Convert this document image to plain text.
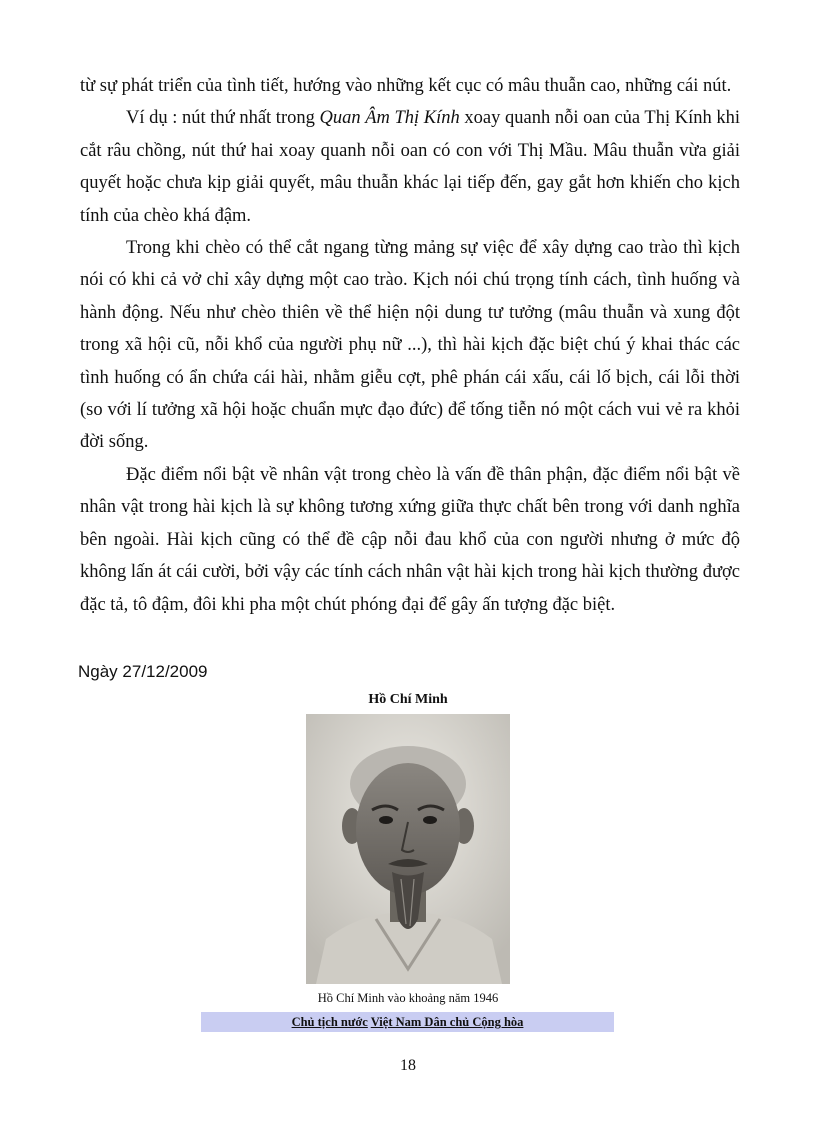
từ sự phát triển của tình tiết, hướng vào những kết cục có mâu thuẫn cao, những cái nút.

Ví dụ : nút thứ nhất trong Quan Âm Thị Kính xoay quanh nỗi oan của Thị Kính khi cắt râu chồng, nút thứ hai xoay quanh nỗi oan có con với Thị Mầu. Mâu thuẫn vừa giải quyết hoặc chưa kịp giải quyết, mâu thuẫn khác lại tiếp đến, gay gắt hơn khiến cho kịch tính của chèo khá đậm.

Trong khi chèo có thể cắt ngang từng mảng sự việc để xây dựng cao trào thì kịch nói có khi cả vở chỉ xây dựng một cao trào. Kịch nói chú trọng tính cách, tình huống và hành động. Nếu như chèo thiên về thể hiện nội dung tư tưởng (mâu thuẫn và xung đột trong xã hội cũ, nỗi khổ của người phụ nữ ...), thì hài kịch đặc biệt chú ý khai thác các tình huống có ẩn chứa cái hài, nhằm giễu cợt, phê phán cái xấu, cái lố bịch, cái lỗi thời (so với lí tưởng xã hội hoặc chuẩn mực đạo đức) để tống tiễn nó một cách vui vẻ ra khỏi đời sống.

Đặc điểm nổi bật về nhân vật trong chèo là vấn đề thân phận, đặc điểm nổi bật về nhân vật trong hài kịch là sự không tương xứng giữa thực chất bên trong với danh nghĩa bên ngoài. Hài kịch cũng có thể đề cập nỗi đau khổ của con người nhưng ở mức độ không lấn át cái cười, bởi vậy các tính cách nhân vật hài kịch trong hài kịch thường được đặc tả, tô đậm, đôi khi pha một chút phóng đại để gây ấn tượng đặc biệt.

Ngày 27/12/2009
Hồ Chí Minh
Hồ Chí Minh vào khoảng năm 1946
Chủ tịch nước Việt Nam Dân chủ Cộng hòa
18
